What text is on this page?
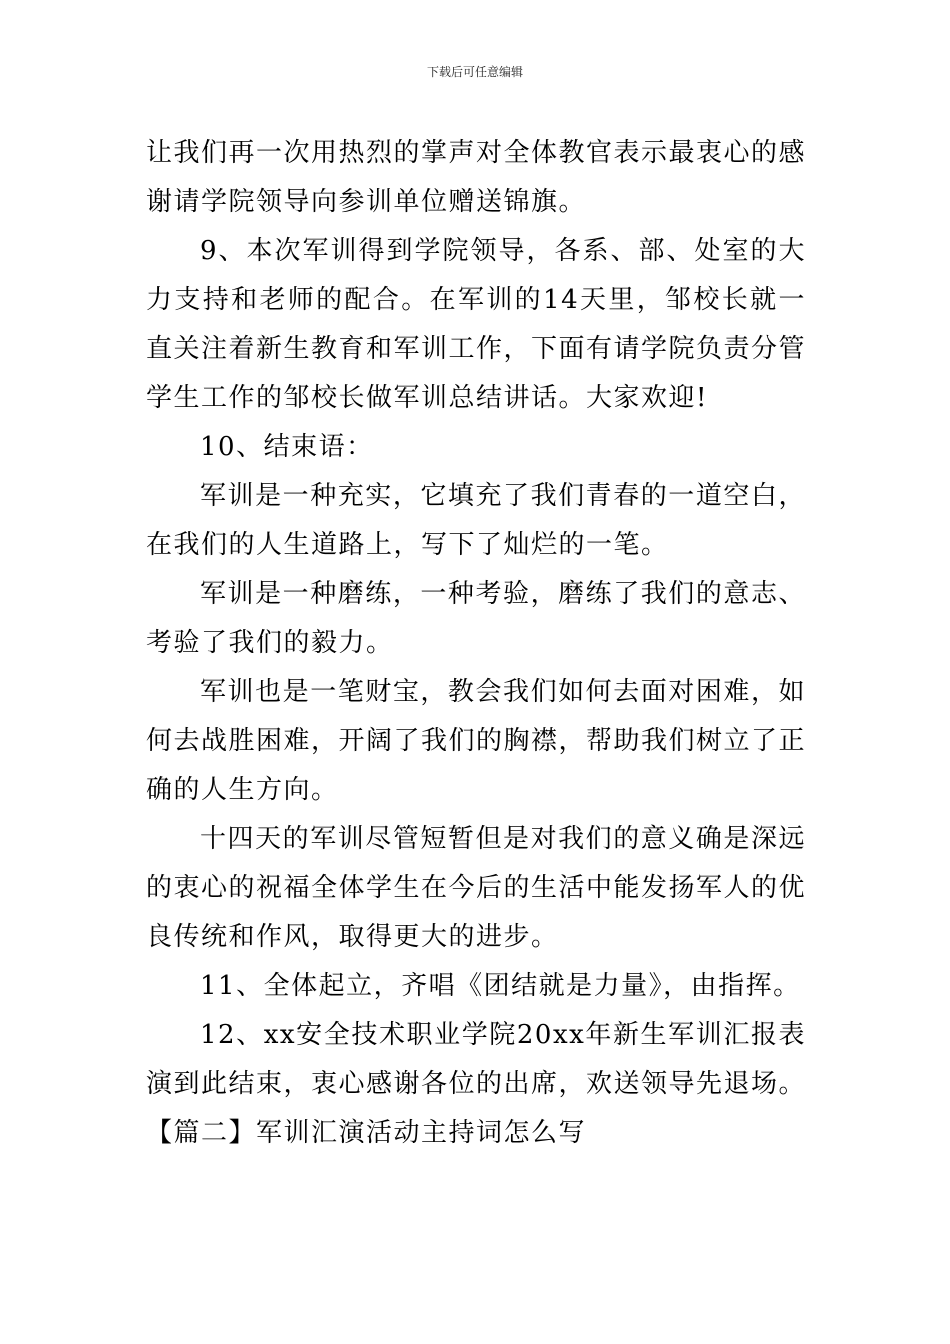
下载后可任意编辑

让我们再一次用热烈的掌声对全体教官表示最衷心的感谢请学院领导向参训单位赠送锦旗。

9、本次军训得到学院领导，各系、部、处室的大力支持和老师的配合。在军训的14天里，邹校长就一直关注着新生教育和军训工作，下面有请学院负责分管学生工作的邹校长做军训总结讲话。大家欢迎!

10、结束语：

军训是一种充实，它填充了我们青春的一道空白，在我们的人生道路上，写下了灿烂的一笔。

军训是一种磨练，一种考验，磨练了我们的意志、考验了我们的毅力。

军训也是一笔财宝，教会我们如何去面对困难，如何去战胜困难，开阔了我们的胸襟，帮助我们树立了正确的人生方向。

十四天的军训尽管短暂但是对我们的意义确是深远的衷心的祝福全体学生在今后的生活中能发扬军人的优良传统和作风，取得更大的进步。

11、全体起立，齐唱《团结就是力量》，由指挥。

12、xx安全技术职业学院20xx年新生军训汇报表演到此结束，衷心感谢各位的出席，欢送领导先退场。【篇二】军训汇演活动主持词怎么写
